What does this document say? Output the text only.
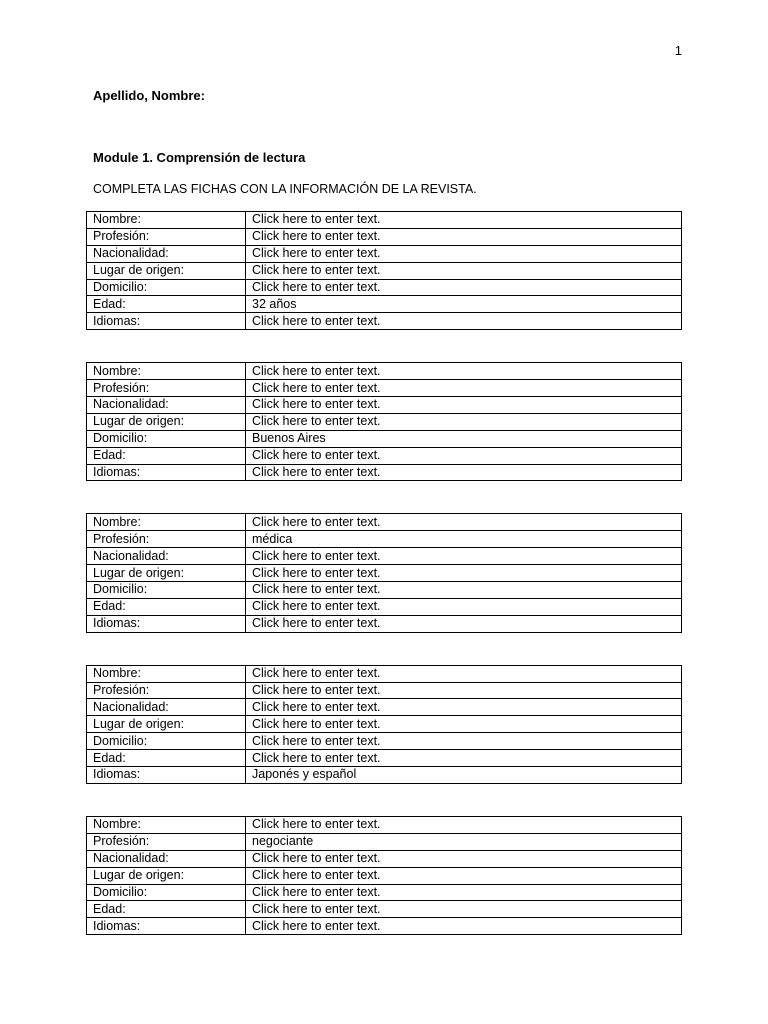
1
Apellido, Nombre:
Module 1. Comprensión de lectura
COMPLETA LAS FICHAS CON LA INFORMACIÓN DE LA REVISTA.
Nombre:	Click here to enter text.
Profesión:	Click here to enter text.
Nacionalidad:	Click here to enter text.
Lugar de origen:	Click here to enter text.
Domicilio:	Click here to enter text.
Edad:	32 años
Idiomas:	Click here to enter text.
Nombre:	Click here to enter text.
Profesión:	Click here to enter text.
Nacionalidad:	Click here to enter text.
Lugar de origen:	Click here to enter text.
Domicilio:	Buenos Aires
Edad:	Click here to enter text.
Idiomas:	Click here to enter text.
Nombre:	Click here to enter text.
Profesión:	médica
Nacionalidad:	Click here to enter text.
Lugar de origen:	Click here to enter text.
Domicilio:	Click here to enter text.
Edad:	Click here to enter text.
Idiomas:	Click here to enter text.
Nombre:	Click here to enter text.
Profesión:	Click here to enter text.
Nacionalidad:	Click here to enter text.
Lugar de origen:	Click here to enter text.
Domicilio:	Click here to enter text.
Edad:	Click here to enter text.
Idiomas:	Japonés y español
Nombre:	Click here to enter text.
Profesión:	negociante
Nacionalidad:	Click here to enter text.
Lugar de origen:	Click here to enter text.
Domicilio:	Click here to enter text.
Edad:	Click here to enter text.
Idiomas:	Click here to enter text.
